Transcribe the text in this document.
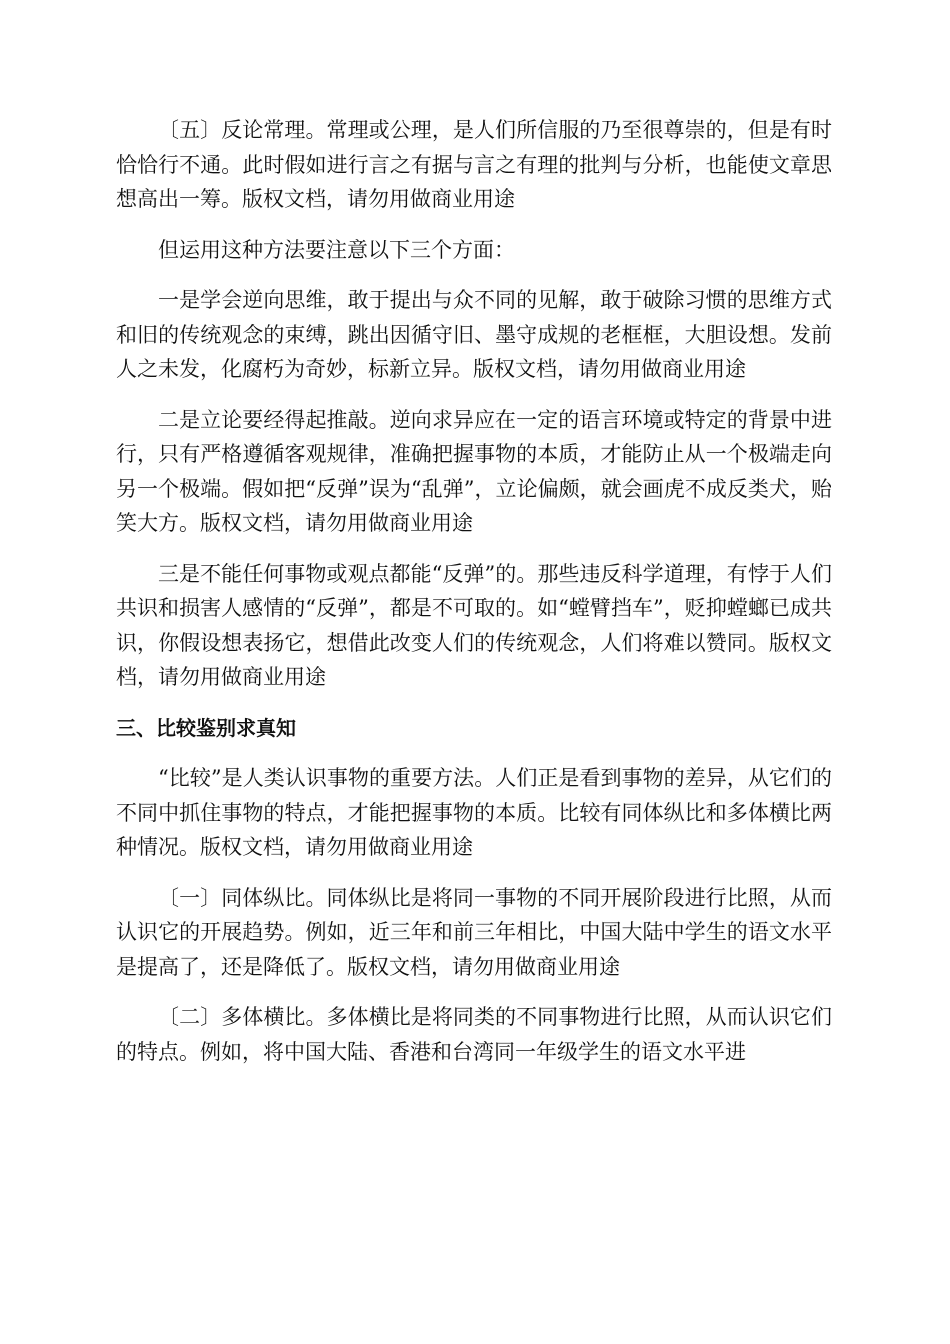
〔五〕反论常理。常理或公理，是人们所信服的乃至很尊崇的，但是有时恰恰行不通。此时假如进行言之有据与言之有理的批判与分析，也能使文章思想高出一筹。版权文档，请勿用做商业用途

但运用这种方法要注意以下三个方面：

一是学会逆向思维，敢于提出与众不同的见解，敢于破除习惯的思维方式和旧的传统观念的束缚，跳出因循守旧、墨守成规的老框框，大胆设想。发前人之未发，化腐朽为奇妙，标新立异。版权文档，请勿用做商业用途

二是立论要经得起推敲。逆向求异应在一定的语言环境或特定的背景中进行，只有严格遵循客观规律，准确把握事物的本质，才能防止从一个极端走向另一个极端。假如把“反弹”误为“乱弹”，立论偏颇，就会画虎不成反类犬，贻笑大方。版权文档，请勿用做商业用途

三是不能任何事物或观点都能“反弹”的。那些违反科学道理，有悖于人们共识和损害人感情的“反弹”，都是不可取的。如“螳臂挡车”，贬抑螳螂已成共识，你假设想表扬它，想借此改变人们的传统观念，人们将难以赞同。版权文档，请勿用做商业用途

三、比较鉴别求真知

“比较”是人类认识事物的重要方法。人们正是看到事物的差异，从它们的不同中抓住事物的特点，才能把握事物的本质。比较有同体纵比和多体横比两种情况。版权文档，请勿用做商业用途

〔一〕同体纵比。同体纵比是将同一事物的不同开展阶段进行比照，从而认识它的开展趋势。例如，近三年和前三年相比，中国大陆中学生的语文水平是提高了，还是降低了。版权文档，请勿用做商业用途

〔二〕多体横比。多体横比是将同类的不同事物进行比照，从而认识它们的特点。例如，将中国大陆、香港和台湾同一年级学生的语文水平进
